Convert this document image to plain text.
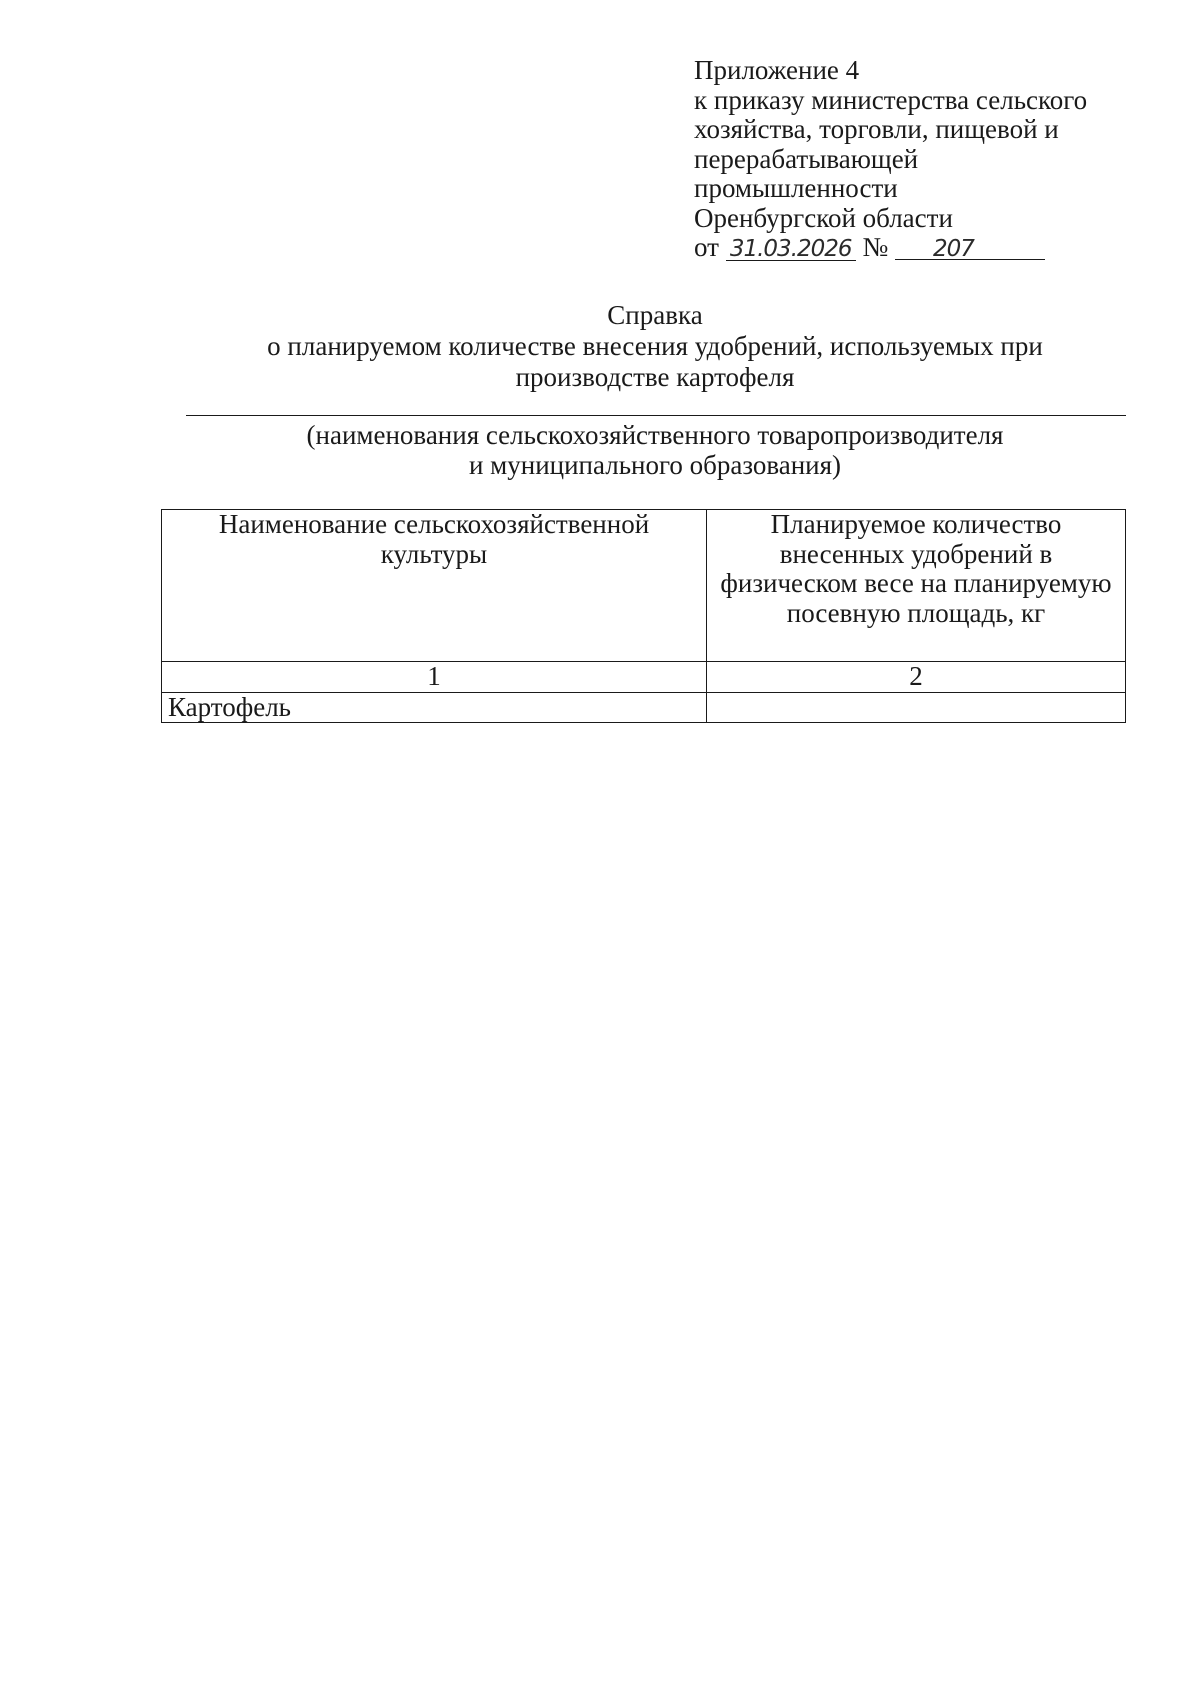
Приложение 4
к приказу министерства сельского
хозяйства, торговли, пищевой и
перерабатывающей
промышленности
Оренбургской области
от 31.03.2026 № 207
Справка
о планируемом количестве внесения удобрений, используемых при
производстве картофеля
(наименования сельскохозяйственного товаропроизводителя
и муниципального образования)
Наименование сельскохозяйственной культуры	Планируемое количество внесенных удобрений в физическом весе на планируемую посевную площадь, кг
1	2
Картофель	
